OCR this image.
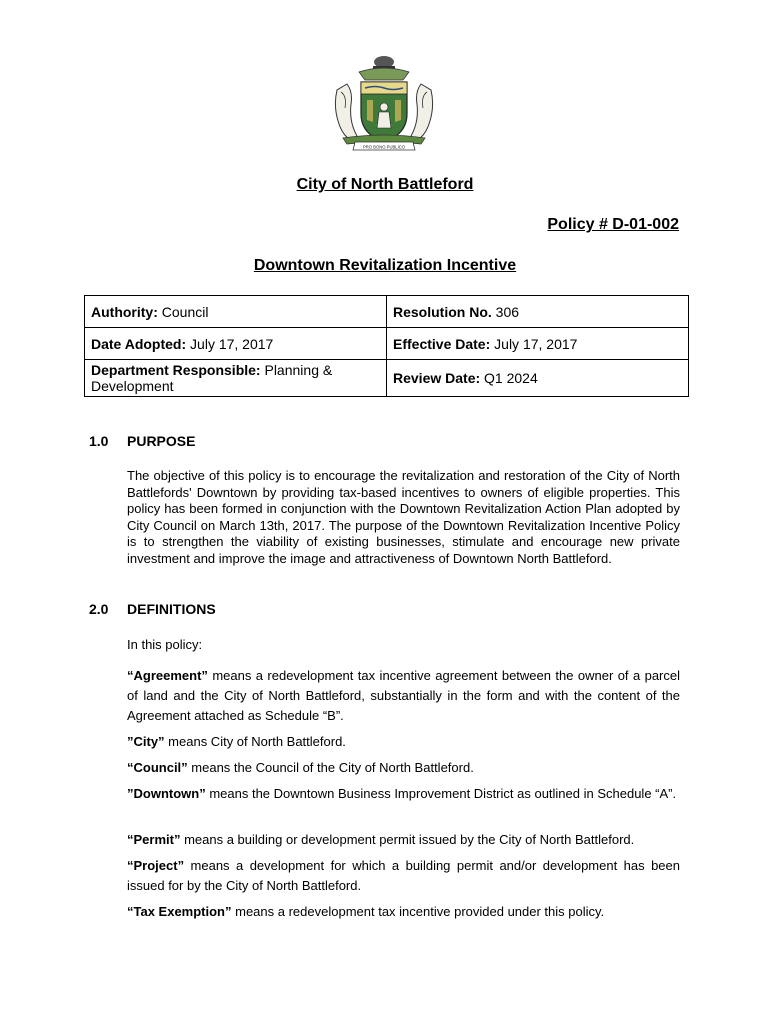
PRO BONO PUBLICO
City of North Battleford
Policy # D-01-002
Downtown Revitalization Incentive
Authority: Council	Resolution No. 306
Date Adopted: July 17, 2017	Effective Date: July 17, 2017
Department Responsible: Planning & Development	Review Date: Q1 2024
1.0 PURPOSE
The objective of this policy is to encourage the revitalization and restoration of the City of North Battlefords' Downtown by providing tax-based incentives to owners of eligible properties. This policy has been formed in conjunction with the Downtown Revitalization Action Plan adopted by City Council on March 13th, 2017. The purpose of the Downtown Revitalization Incentive Policy is to strengthen the viability of existing businesses, stimulate and encourage new private investment and improve the image and attractiveness of Downtown North Battleford.
2.0 DEFINITIONS
In this policy:
“Agreement” means a redevelopment tax incentive agreement between the owner of a parcel of land and the City of North Battleford, substantially in the form and with the content of the Agreement attached as Schedule “B”.
”City” means City of North Battleford.
“Council” means the Council of the City of North Battleford.
”Downtown” means the Downtown Business Improvement District as outlined in Schedule “A”.
“Permit” means a building or development permit issued by the City of North Battleford.
“Project” means a development for which a building permit and/or development has been issued for by the City of North Battleford.
“Tax Exemption” means a redevelopment tax incentive provided under this policy.
